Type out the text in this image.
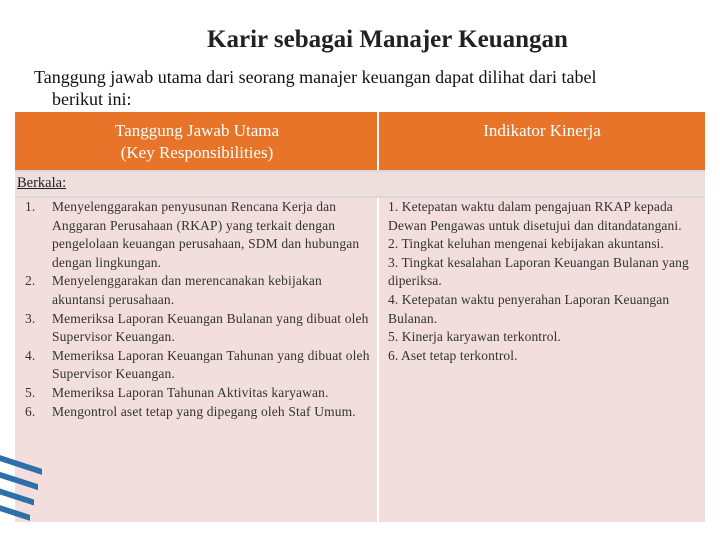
Karir sebagai Manajer Keuangan
Tanggung jawab utama dari seorang manajer keuangan dapat dilihat dari tabel
berikut ini:
Tanggung Jawab Utama
(Key Responsibilities)
Indikator Kinerja
Berkala:
1. Menyelenggarakan penyusunan Rencana Kerja dan Anggaran Perusahaan (RKAP) yang terkait dengan pengelolaan keuangan perusahaan, SDM dan hubungan dengan lingkungan.
2. Menyelenggarakan dan merencanakan kebijakan akuntansi perusahaan.
3. Memeriksa Laporan Keuangan Bulanan yang dibuat oleh Supervisor Keuangan.
4. Memeriksa Laporan Keuangan Tahunan yang dibuat oleh Supervisor Keuangan.
5. Memeriksa Laporan Tahunan Aktivitas karyawan.
6. Mengontrol aset tetap yang dipegang oleh Staf Umum.
1. Ketepatan waktu dalam pengajuan RKAP kepada Dewan Pengawas untuk disetujui dan ditandatangani.
2. Tingkat keluhan mengenai kebijakan akuntansi.
3. Tingkat kesalahan Laporan Keuangan Bulanan yang diperiksa.
4. Ketepatan waktu penyerahan Laporan Keuangan Bulanan.
5. Kinerja karyawan terkontrol.
6. Aset tetap terkontrol.
